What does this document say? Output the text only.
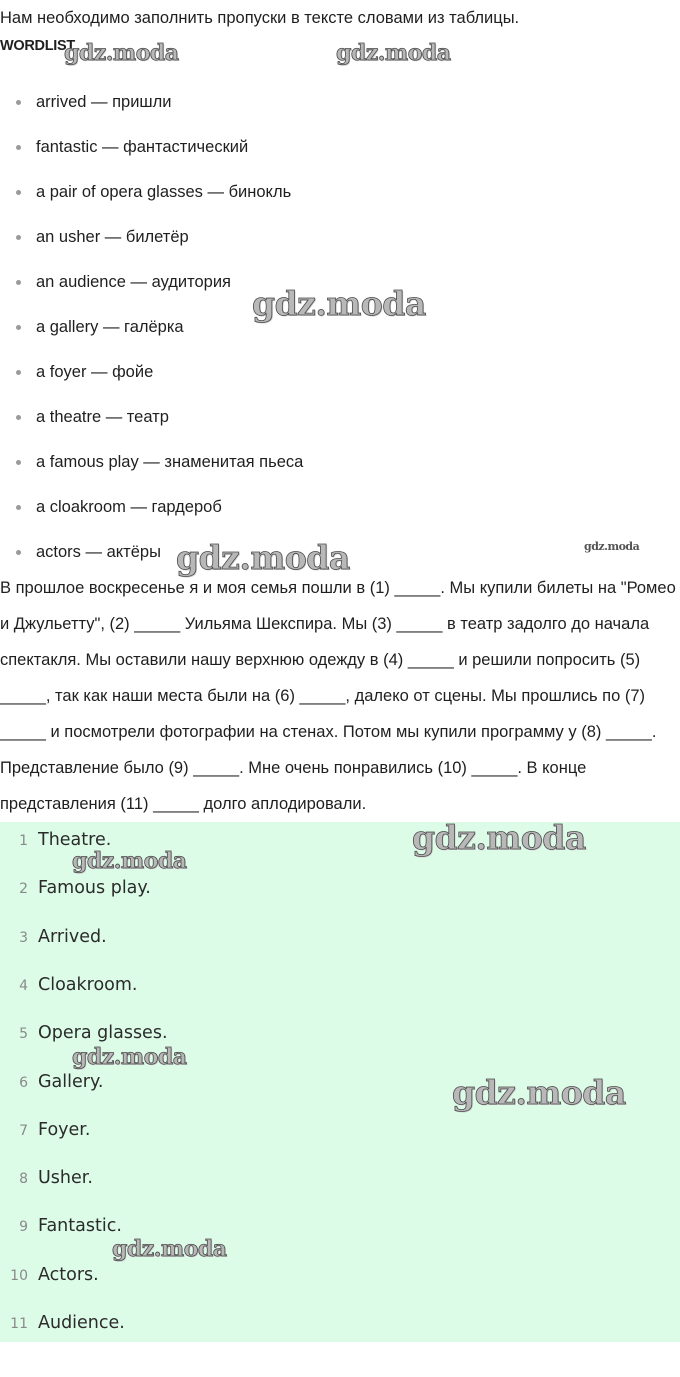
Нам необходимо заполнить пропуски в тексте словами из таблицы.
WORDLIST
arrived — пришли
fantastic — фантастический
a pair of opera glasses — бинокль
an usher — билетёр
an audience — аудитория
a gallery — галёрка
a foyer — фойе
a theatre — театр
a famous play — знаменитая пьеса
a cloakroom — гардероб
actors — актёры

В прошлое воскресенье я и моя семья пошли в (1) _____. Мы купили билеты на "Ромео и Джульетту", (2) _____ Уильяма Шекспира. Мы (3) _____ в театр задолго до начала спектакля. Мы оставили нашу верхнюю одежду в (4) _____ и решили попросить (5) _____, так как наши места были на (6) _____, далеко от сцены. Мы прошлись по (7) _____ и посмотрели фотографии на стенах. Потом мы купили программу у (8) _____. Представление было (9) _____. Мне очень понравились (10) _____. В конце представления (11) _____ долго аплодировали.

1 Theatre.
2 Famous play.
3 Arrived.
4 Cloakroom.
5 Opera glasses.
6 Gallery.
7 Foyer.
8 Usher.
9 Fantastic.
10 Actors.
11 Audience.
gdz.moda	gdz.moda
gdz.moda
gdz.moda	gdz.moda
gdz.moda
gdz.moda
gdz.moda
gdz.moda
gdz.moda
